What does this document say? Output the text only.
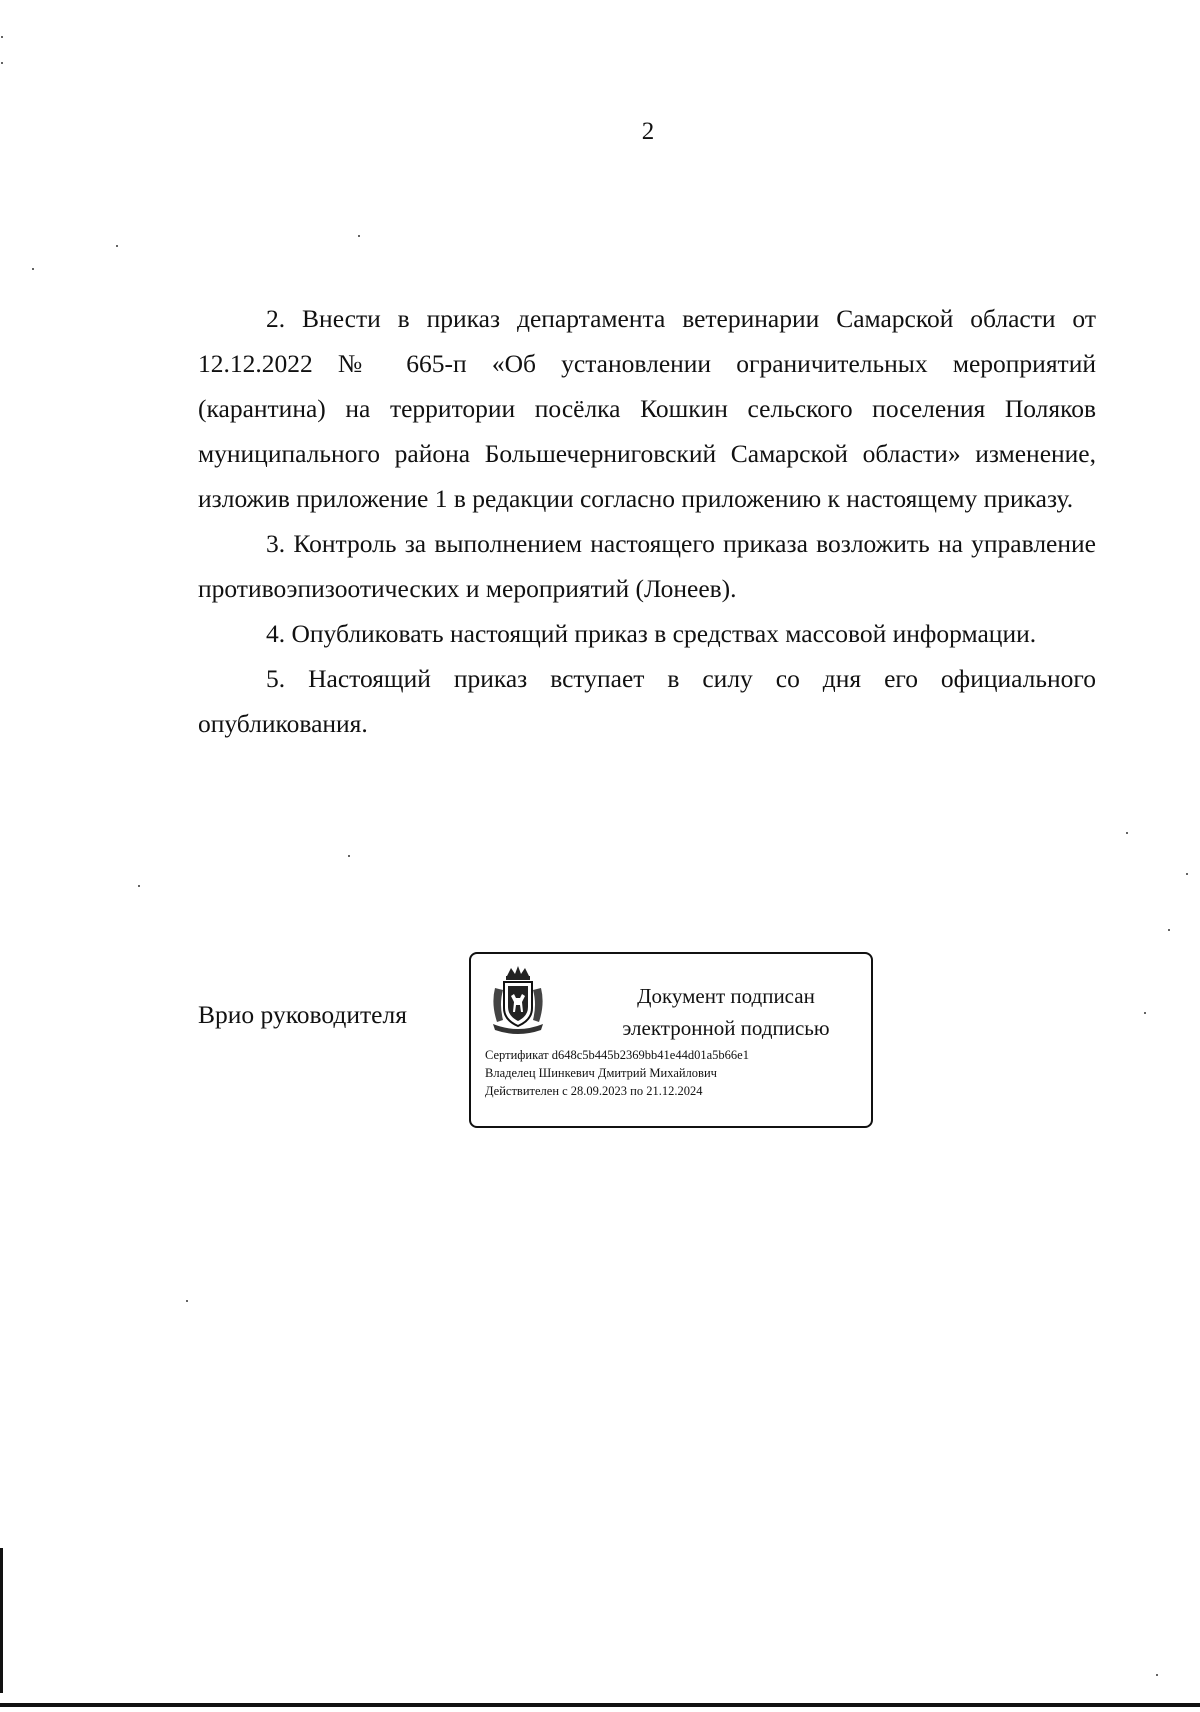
2

2. Внести в приказ департамента ветеринарии Самарской области от 12.12.2022 № 665-п «Об установлении ограничительных мероприятий (карантина) на территории посёлка Кошкин сельского поселения Поляков муниципального района Большечерниговский Самарской области» изменение, изложив приложение 1 в редакции согласно приложению к настоящему приказу.

3. Контроль за выполнением настоящего приказа возложить на управление противоэпизоотических и мероприятий (Лонеев).

4. Опубликовать настоящий приказ в средствах массовой информации.

5. Настоящий приказ вступает в силу со дня его официального опубликования.

Врио руководителя
Документ подписан
электронной подписью
Сертификат d648c5b445b2369bb41e44d01a5b66e1
Владелец Шинкевич Дмитрий Михайлович
Действителен с 28.09.2023 по 21.12.2024
